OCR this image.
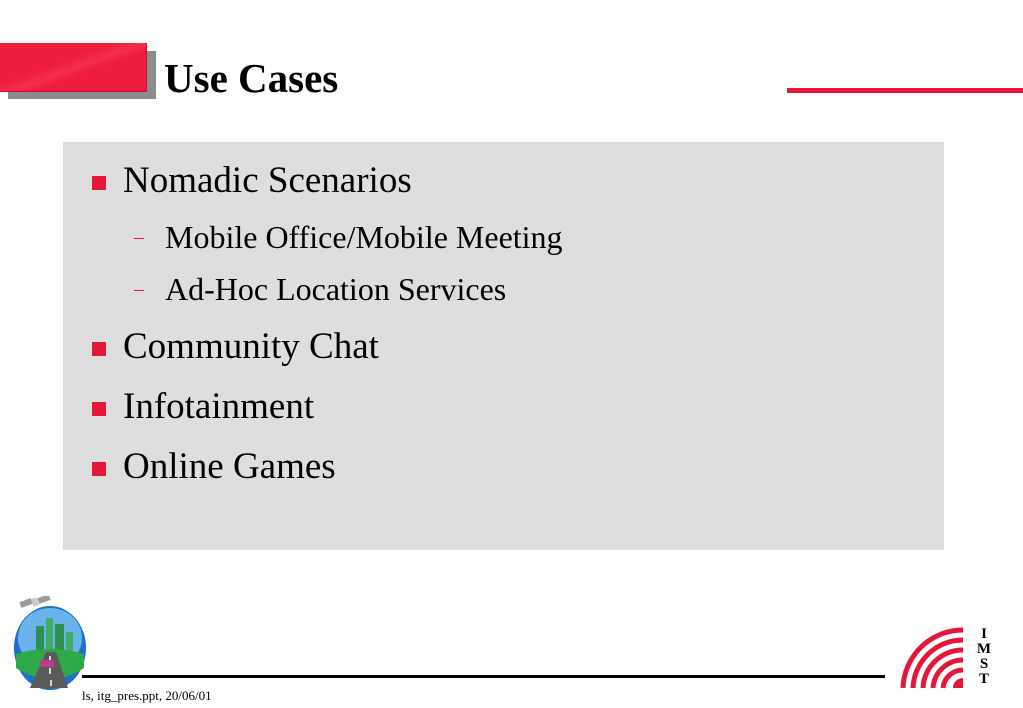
Use Cases
Nomadic Scenarios
– Mobile Office/Mobile Meeting
– Ad-Hoc Location Services
Community Chat
Infotainment
Online Games
ls, itg_pres.ppt, 20/06/01
I
M
S
T
